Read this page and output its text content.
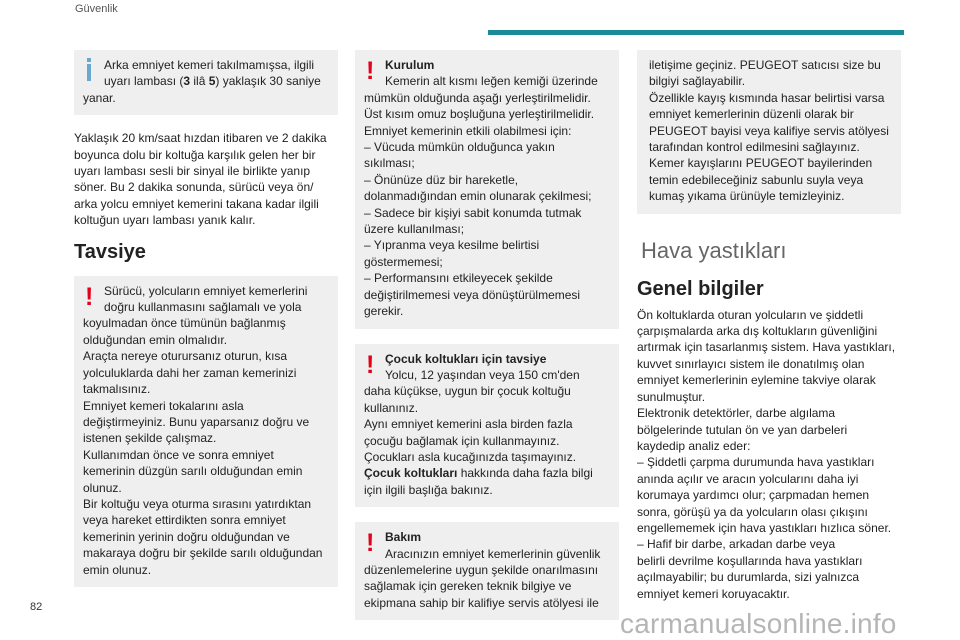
Güvenlik
Arka emniyet kemeri takılmamışsa, ilgili
uyarı lambası (3 ilâ 5) yaklaşık 30 saniye
yanar.
Yaklaşık 20 km/saat hızdan itibaren ve 2 dakika
boyunca dolu bir koltuğa karşılık gelen her bir
uyarı lambası sesli bir sinyal ile birlikte yanıp
söner. Bu 2 dakika sonunda, sürücü veya ön/
arka yolcu emniyet kemerini takana kadar ilgili
koltuğun uyarı lambası yanık kalır.
Tavsiye
! Sürücü, yolcuların emniyet kemerlerini
doğru kullanmasını sağlamalı ve yola
koyulmadan önce tümünün bağlanmış
olduğundan emin olmalıdır.
Araçta nereye oturursanız oturun, kısa
yolculuklarda dahi her zaman kemerinizi
takmalısınız.
Emniyet kemeri tokalarını asla
değiştirmeyiniz. Bunu yaparsanız doğru ve
istenen şekilde çalışmaz.
Kullanımdan önce ve sonra emniyet
kemerinin düzgün sarılı olduğundan emin
olunuz.
Bir koltuğu veya oturma sırasını yatırdıktan
veya hareket ettirdikten sonra emniyet
kemerinin yerinin doğru olduğundan ve
makaraya doğru bir şekilde sarılı olduğundan
emin olunuz.
! Kurulum
Kemerin alt kısmı leğen kemiği üzerinde
mümkün olduğunda aşağı yerleştirilmelidir.
Üst kısım omuz boşluğuna yerleştirilmelidir.
Emniyet kemerinin etkili olabilmesi için:
– Vücuda mümkün olduğunca yakın
sıkılması;
– Önünüze düz bir hareketle,
dolanmadığından emin olunarak çekilmesi;
– Sadece bir kişiyi sabit konumda tutmak
üzere kullanılması;
– Yıpranma veya kesilme belirtisi
göstermemesi;
– Performansını etkileyecek şekilde
değiştirilmemesi veya dönüştürülmemesi
gerekir.
! Çocuk koltukları için tavsiye
Yolcu, 12 yaşından veya 150 cm'den
daha küçükse, uygun bir çocuk koltuğu
kullanınız.
Aynı emniyet kemerini asla birden fazla
çocuğu bağlamak için kullanmayınız.
Çocukları asla kucağınızda taşımayınız.
Çocuk koltukları hakkında daha fazla bilgi
için ilgili başlığa bakınız.
! Bakım
Aracınızın emniyet kemerlerinin güvenlik
düzenlemelerine uygun şekilde onarılmasını
sağlamak için gereken teknik bilgiye ve
ekipmana sahip bir kalifiye servis atölyesi ile
iletişime geçiniz. PEUGEOT satıcısı size bu
bilgiyi sağlayabilir.
Özellikle kayış kısmında hasar belirtisi varsa
emniyet kemerlerinin düzenli olarak bir
PEUGEOT bayisi veya kalifiye servis atölyesi
tarafından kontrol edilmesini sağlayınız.
Kemer kayışlarını PEUGEOT bayilerinden
temin edebileceğiniz sabunlu suyla veya
kumaş yıkama ürünüyle temizleyiniz.
Hava yastıkları
Genel bilgiler
Ön koltuklarda oturan yolcuların ve şiddetli
çarpışmalarda arka dış koltukların güvenliğini
artırmak için tasarlanmış sistem. Hava yastıkları,
kuvvet sınırlayıcı sistem ile donatılmış olan
emniyet kemerlerinin eylemine takviye olarak
sunulmuştur.
Elektronik detektörler, darbe algılama
bölgelerinde tutulan ön ve yan darbeleri
kaydedip analiz eder:
– Şiddetli çarpma durumunda hava yastıkları
anında açılır ve aracın yolcularını daha iyi
korumaya yardımcı olur; çarpmadan hemen
sonra, görüşü ya da yolcuların olası çıkışını
engellememek için hava yastıkları hızlıca söner.
– Hafif bir darbe, arkadan darbe veya
belirli devrilme koşullarında hava yastıkları
açılmayabilir; bu durumlarda, sizi yalnızca
emniyet kemeri koruyacaktır.
82
carmanualsonline.info
